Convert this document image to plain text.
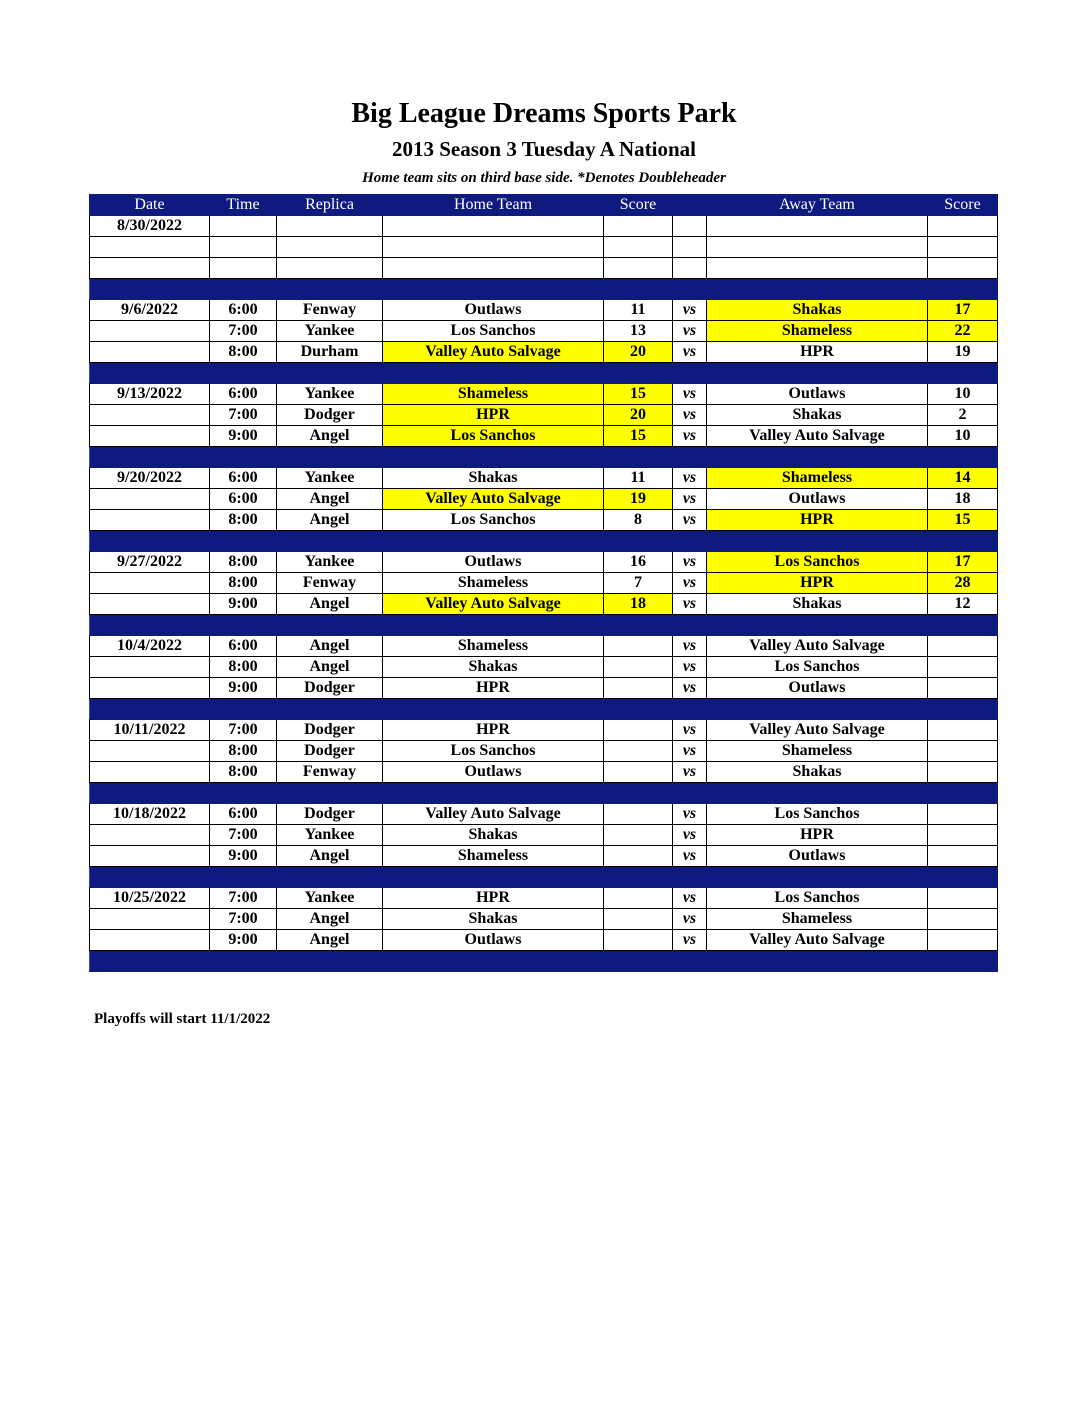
Big League Dreams Sports Park
2013 Season 3 Tuesday A National
Home team sits on third base side. *Denotes Doubleheader
Date	Time	Replica	Home Team	Score		Away Team	Score
8/30/2022							

9/6/2022	6:00	Fenway	Outlaws	11	vs	Shakas	17
	7:00	Yankee	Los Sanchos	13	vs	Shameless	22
	8:00	Durham	Valley Auto Salvage	20	vs	HPR	19

9/13/2022	6:00	Yankee	Shameless	15	vs	Outlaws	10
	7:00	Dodger	HPR	20	vs	Shakas	2
	9:00	Angel	Los Sanchos	15	vs	Valley Auto Salvage	10

9/20/2022	6:00	Yankee	Shakas	11	vs	Shameless	14
	6:00	Angel	Valley Auto Salvage	19	vs	Outlaws	18
	8:00	Angel	Los Sanchos	8	vs	HPR	15

9/27/2022	8:00	Yankee	Outlaws	16	vs	Los Sanchos	17
	8:00	Fenway	Shameless	7	vs	HPR	28
	9:00	Angel	Valley Auto Salvage	18	vs	Shakas	12

10/4/2022	6:00	Angel	Shameless		vs	Valley Auto Salvage	
	8:00	Angel	Shakas		vs	Los Sanchos	
	9:00	Dodger	HPR		vs	Outlaws	

10/11/2022	7:00	Dodger	HPR		vs	Valley Auto Salvage	
	8:00	Dodger	Los Sanchos		vs	Shameless	
	8:00	Fenway	Outlaws		vs	Shakas	

10/18/2022	6:00	Dodger	Valley Auto Salvage		vs	Los Sanchos	
	7:00	Yankee	Shakas		vs	HPR	
	9:00	Angel	Shameless		vs	Outlaws	

10/25/2022	7:00	Yankee	HPR		vs	Los Sanchos	
	7:00	Angel	Shakas		vs	Shameless	
	9:00	Angel	Outlaws		vs	Valley Auto Salvage	

Playoffs will start 11/1/2022
